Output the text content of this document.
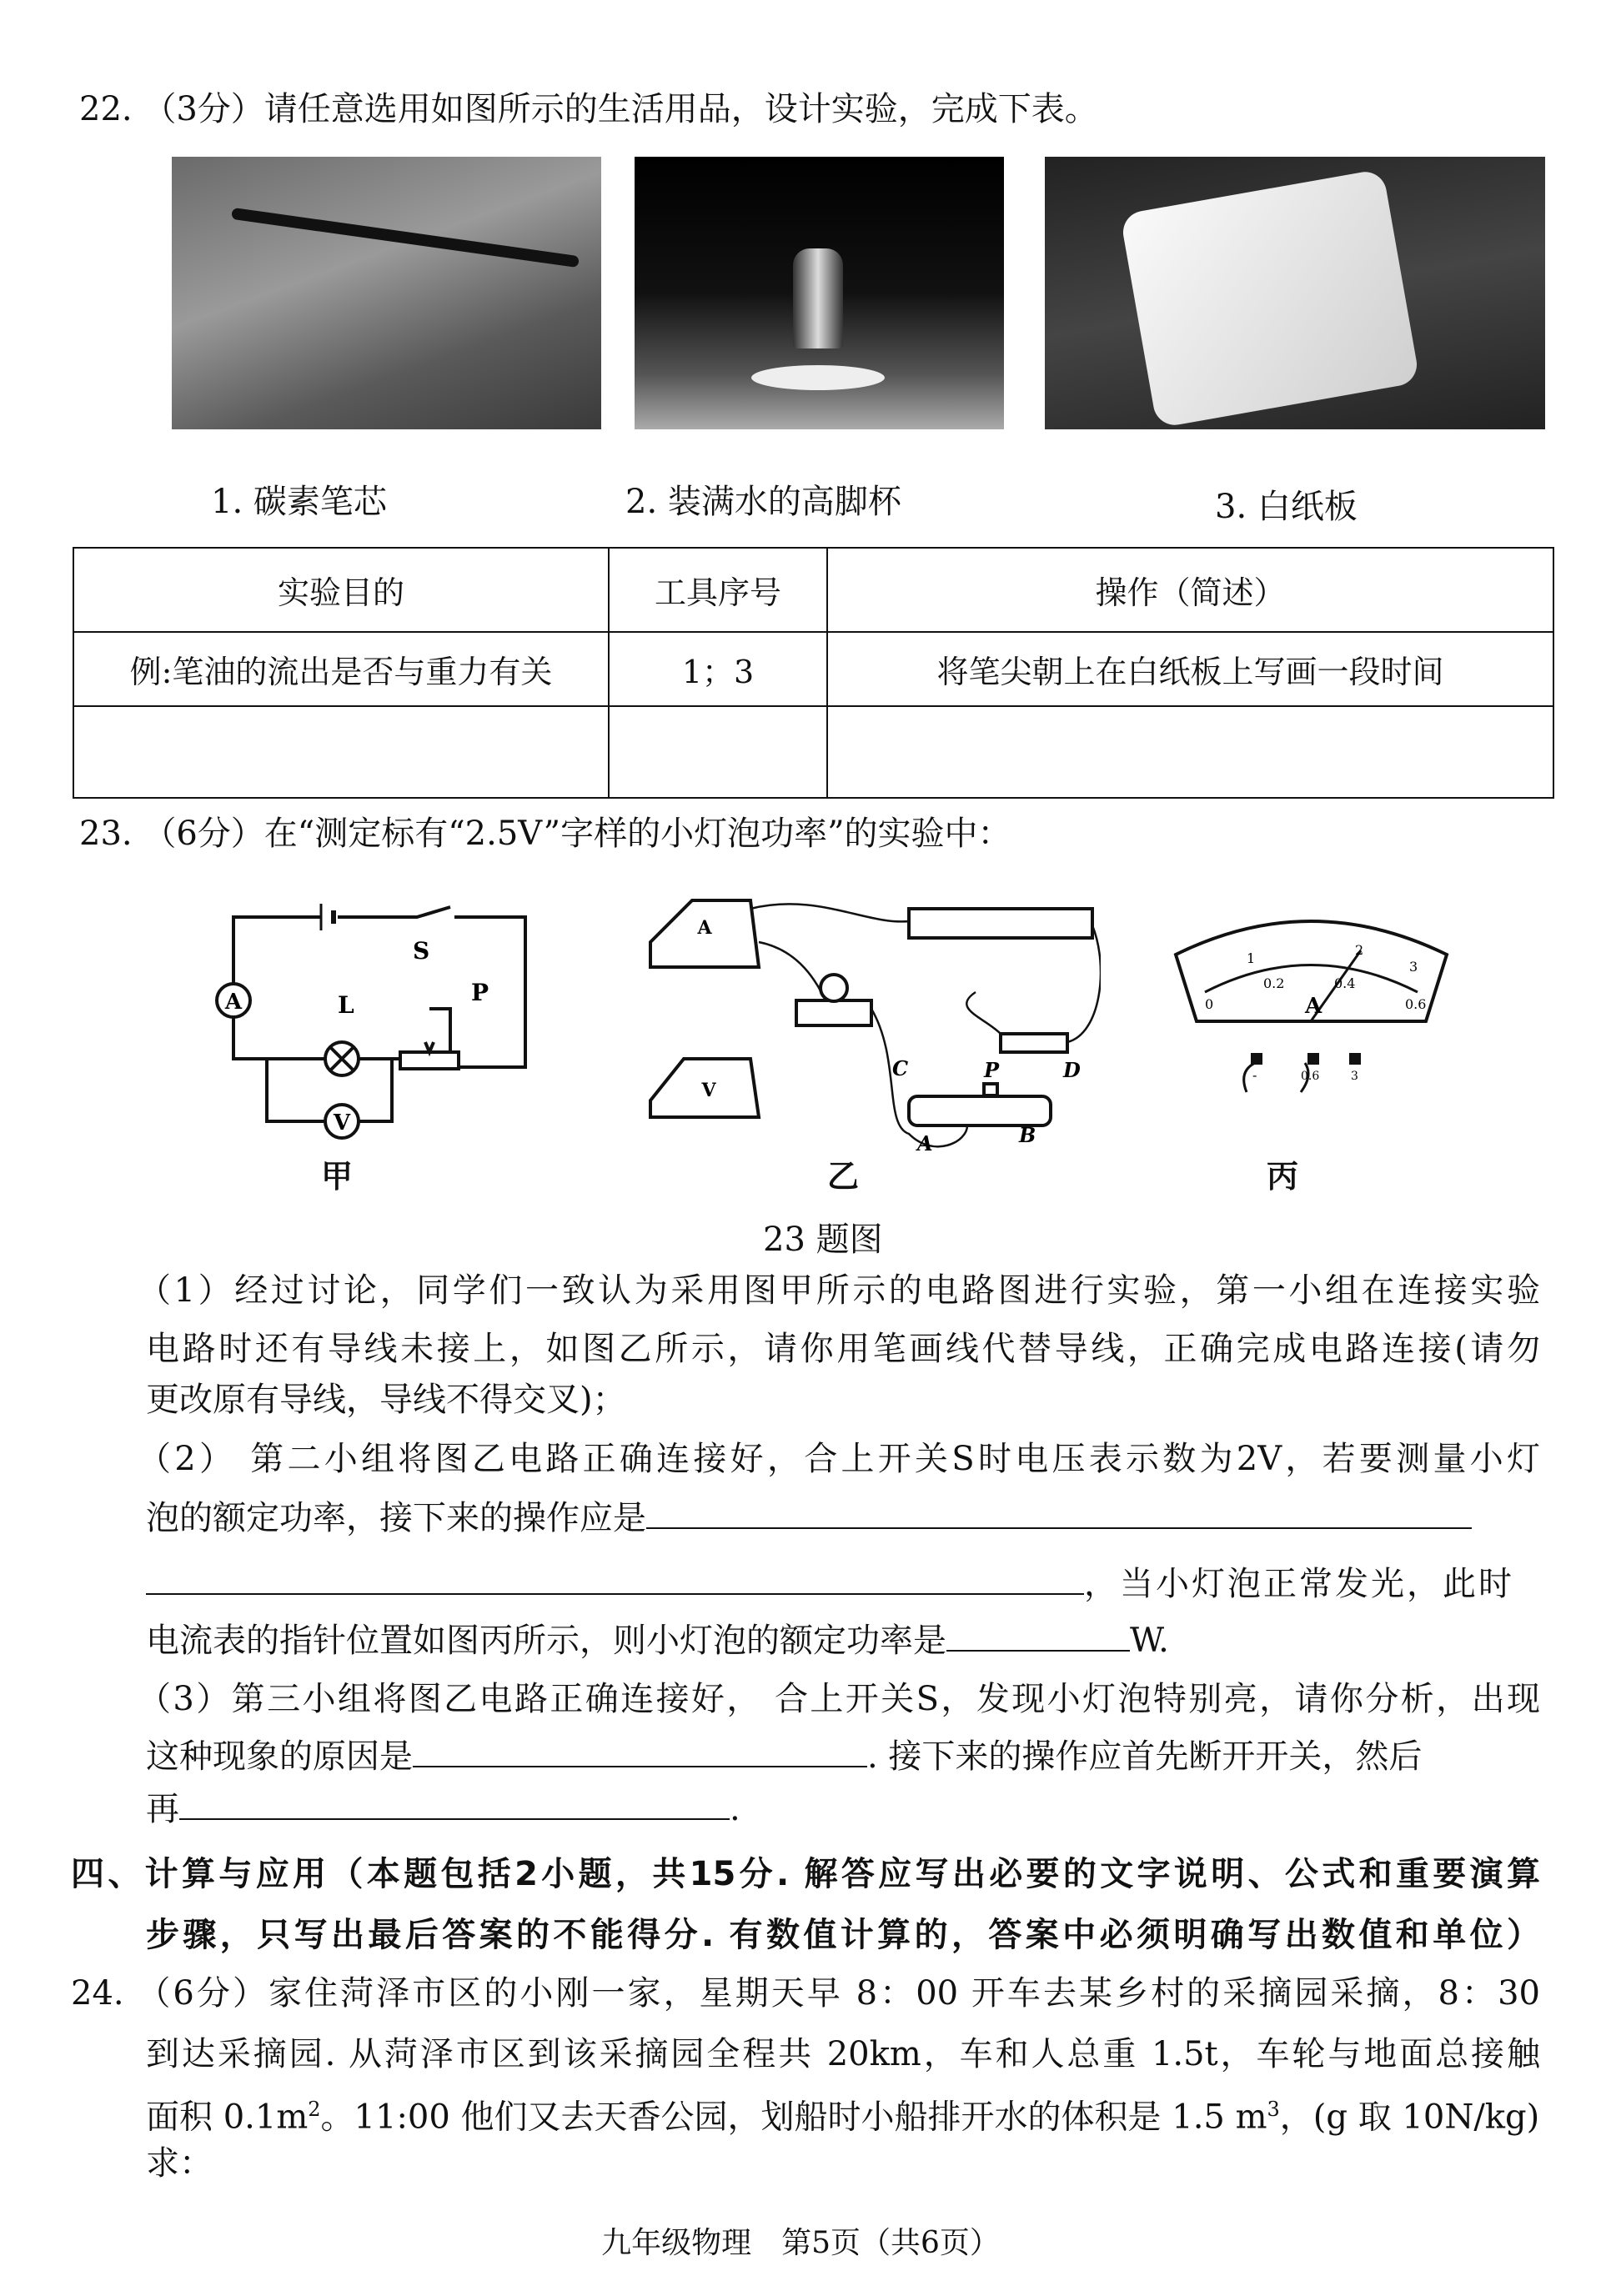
22. （3分）请任意选用如图所示的生活用品，设计实验，完成下表。
1. 碳素笔芯	2. 装满水的高脚杯	3. 白纸板
实验目的	工具序号	操作（简述）
例:笔油的流出是否与重力有关	1；3	将笔尖朝上在白纸板上写画一段时间

23. （6分）在“测定标有“2.5V”字样的小灯泡功率”的实验中：
A
V
S
L	P
A
V
C	P	D
A	B
0
0.2	0.4
0.6
1
2
3
A
-	0.6	3
甲	乙	丙
23 题图
（1）经过讨论，同学们一致认为采用图甲所示的电路图进行实验，第一小组在连接实验
电路时还有导线未接上，如图乙所示，请你用笔画线代替导线，正确完成电路连接(请勿
更改原有导线，导线不得交叉)；
（2） 第二小组将图乙电路正确连接好，合上开关S时电压表示数为2V，若要测量小灯
泡的额定功率，接下来的操作应是
，当小灯泡正常发光，此时
电流表的指针位置如图丙所示，则小灯泡的额定功率是	W.
（3）第三小组将图乙电路正确连接好， 合上开关S，发现小灯泡特别亮，请你分析，出现
这种现象的原因是	. 接下来的操作应首先断开开关，然后
再	.
四、计算与应用（本题包括2小题，共15分. 解答应写出必要的文字说明、公式和重要演算
步骤，只写出最后答案的不能得分. 有数值计算的，答案中必须明确写出数值和单位）
24. （6分）家住菏泽市区的小刚一家，星期天早 8：00 开车去某乡村的采摘园采摘，8：30
到达采摘园. 从菏泽市区到该采摘园全程共 20km，车和人总重 1.5t，车轮与地面总接触
面积 $0.1m^2$。11:00 他们又去天香公园，划船时小船排开水的体积是 1.5 $m^3$，(g 取 10N/kg)
求：
九年级物理　第5页（共6页）
